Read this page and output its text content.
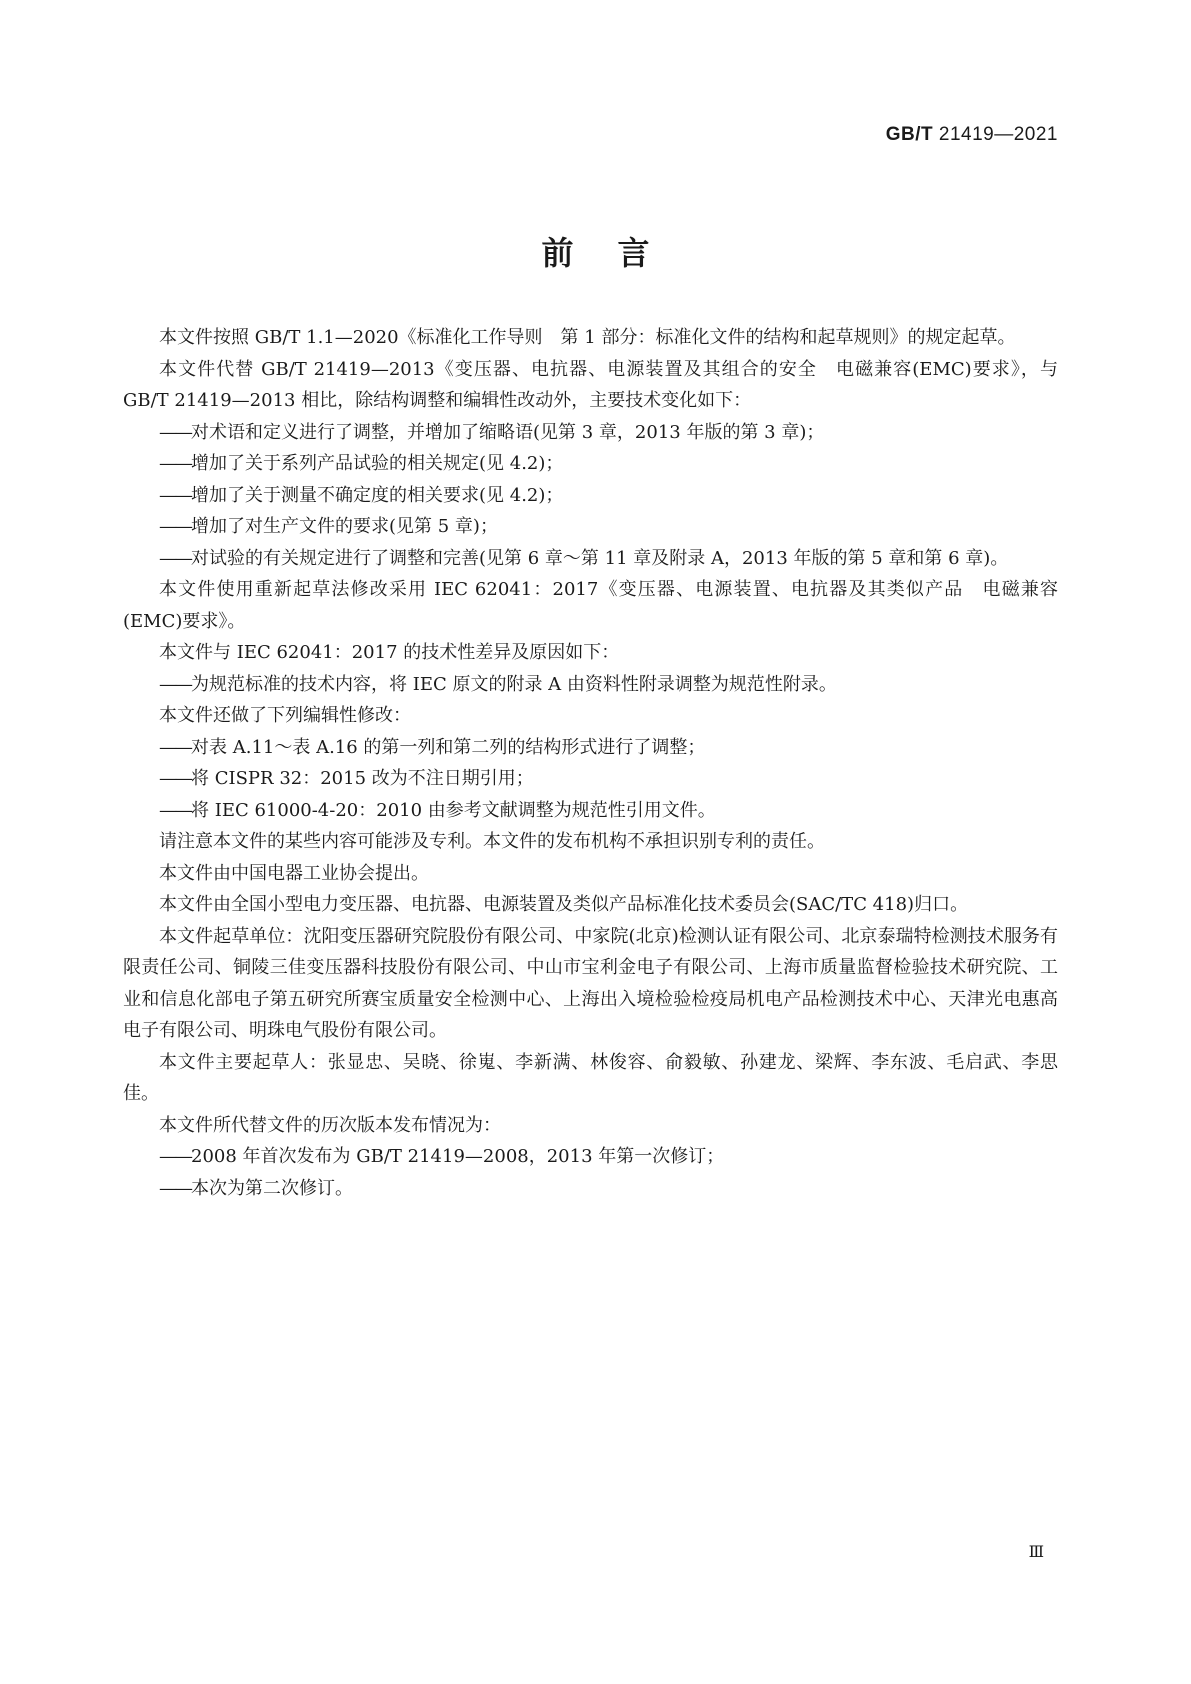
GB/T 21419—2021
前言

本文件按照 GB/T 1.1—2020《标准化工作导则　第 1 部分：标准化文件的结构和起草规则》的规定起草。

本文件代替 GB/T 21419—2013《变压器、电抗器、电源装置及其组合的安全　电磁兼容(EMC)要求》，与 GB/T 21419—2013 相比，除结构调整和编辑性改动外，主要技术变化如下：

——对术语和定义进行了调整，并增加了缩略语(见第 3 章，2013 年版的第 3 章)；

——增加了关于系列产品试验的相关规定(见 4.2)；

——增加了关于测量不确定度的相关要求(见 4.2)；

——增加了对生产文件的要求(见第 5 章)；

——对试验的有关规定进行了调整和完善(见第 6 章～第 11 章及附录 A，2013 年版的第 5 章和第 6 章)。

本文件使用重新起草法修改采用 IEC 62041：2017《变压器、电源装置、电抗器及其类似产品　电磁兼容(EMC)要求》。

本文件与 IEC 62041：2017 的技术性差异及原因如下：

——为规范标准的技术内容，将 IEC 原文的附录 A 由资料性附录调整为规范性附录。

本文件还做了下列编辑性修改：

——对表 A.11～表 A.16 的第一列和第二列的结构形式进行了调整；

——将 CISPR 32：2015 改为不注日期引用；

——将 IEC 61000-4-20：2010 由参考文献调整为规范性引用文件。

请注意本文件的某些内容可能涉及专利。本文件的发布机构不承担识别专利的责任。

本文件由中国电器工业协会提出。

本文件由全国小型电力变压器、电抗器、电源装置及类似产品标准化技术委员会(SAC/TC 418)归口。

本文件起草单位：沈阳变压器研究院股份有限公司、中家院(北京)检测认证有限公司、北京泰瑞特检测技术服务有限责任公司、铜陵三佳变压器科技股份有限公司、中山市宝利金电子有限公司、上海市质量监督检验技术研究院、工业和信息化部电子第五研究所赛宝质量安全检测中心、上海出入境检验检疫局机电产品检测技术中心、天津光电惠高电子有限公司、明珠电气股份有限公司。

本文件主要起草人：张显忠、吴晓、徐嵬、李新满、林俊容、俞毅敏、孙建龙、梁辉、李东波、毛启武、李思佳。

本文件所代替文件的历次版本发布情况为：

——2008 年首次发布为 GB/T 21419—2008，2013 年第一次修订；

——本次为第二次修订。

Ⅲ
